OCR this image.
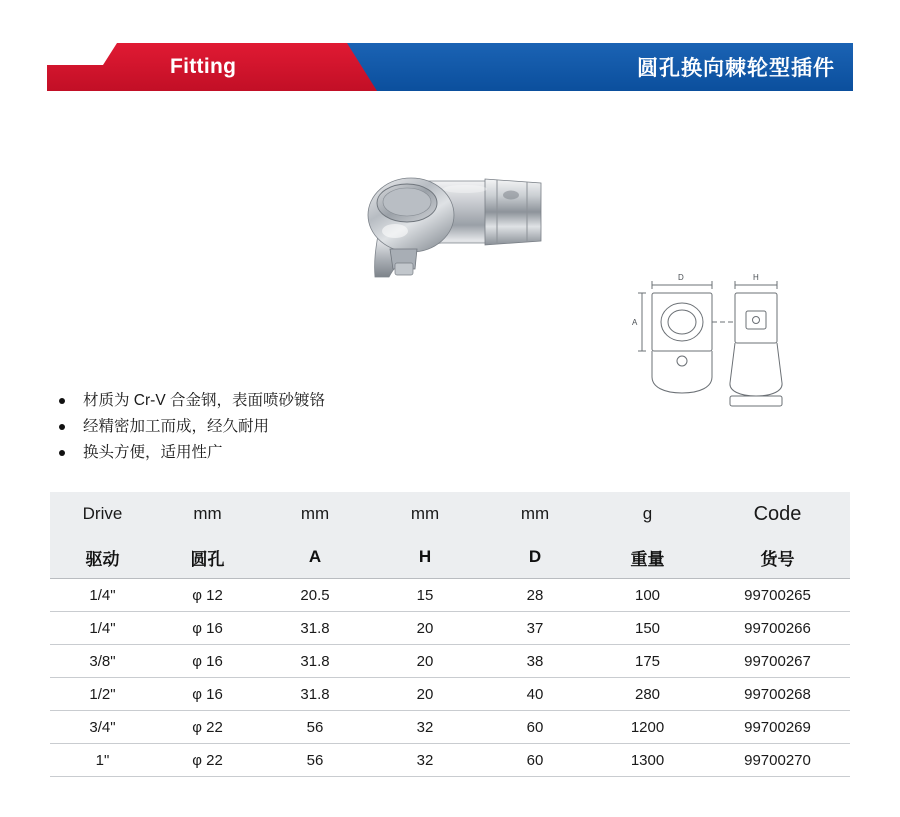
Fitting	圆孔换向棘轮型插件
D	H
A
材质为 Cr-V 合金钢，表面喷砂镀铬
经精密加工而成，经久耐用
换头方便，适用性广
Drive	mm	mm	mm	mm	g	Code
驱动	圆孔	A	H	D	重量	货号
1/4"	φ 12	20.5	15	28	100	99700265
1/4"	φ 16	31.8	20	37	150	99700266
3/8"	φ 16	31.8	20	38	175	99700267
1/2"	φ 16	31.8	20	40	280	99700268
3/4"	φ 22	56	32	60	1200	99700269
1"	φ 22	56	32	60	1300	99700270
